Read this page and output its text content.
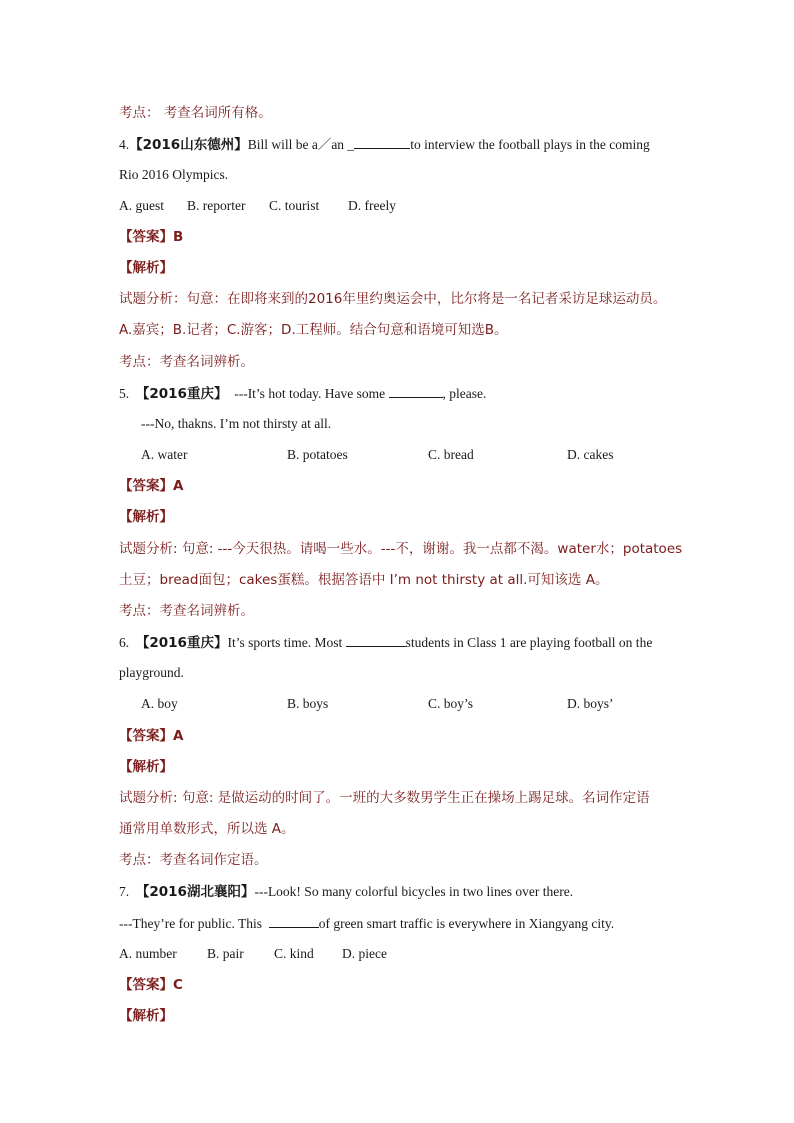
考点： 考查名词所有格。
4.【2016山东德州】Bill will be a／an _	to interview the football plays in the coming
Rio 2016 Olympics.
A. guest B. reporter C. tourist D. freely
【答案】B
【解析】
试题分析：句意：在即将来到的2016年里约奥运会中，比尔将是一名记者采访足球运动员。
A.嘉宾；B.记者；C.游客；D.工程师。结合句意和语境可知选B。
考点：考查名词辨析。
5. 【2016重庆】 ---It’s hot today. Have some	, please.
---No, thakns. I’m not thirsty at all.
A. water	B. potatoes	C. bread	D. cakes
【答案】A
【解析】
试题分析: 句意: ---今天很热。请喝一些水。---不，谢谢。我一点都不渴。water水；potatoes
土豆；bread面包；cakes蛋糕。根据答语中 I’m not thirsty at all.可知该选 A。
考点：考查名词辨析。
6. 【2016重庆】It’s sports time. Most	students in Class 1 are playing football on the
playground.
A. boy	B. boys	C. boy’s	D. boys’
【答案】A
【解析】
试题分析: 句意: 是做运动的时间了。一班的大多数男学生正在操场上踢足球。名词作定语
通常用单数形式，所以选 A。
考点：考查名词作定语。
7. 【2016湖北襄阳】---Look! So many colorful bicycles in two lines over there.
---They’re for public. This	of green smart traffic is everywhere in Xiangyang city.
A. number B. pair C. kind D. piece
【答案】C
【解析】
